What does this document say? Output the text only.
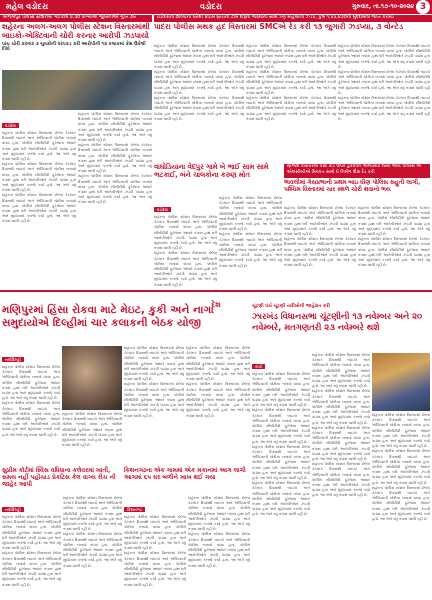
મહેલ વડોદરા	વડોદરા	ગુરુવાર, તા.૧૭-૧૦-૨૦૨૪ 3
માંજલપુર પોલીસ સ્ટેશનમાં ગઈકાલે ૪.૩૦ વાગ્યાથી જુબાનીઓ ગુપ્ત ઢબે	વડોદરાના શિલ્પાના ઘરેથી ક્રાઇમ બ્રાંચની ટીમે દારૂના જથ્થાના સાથે ત્રણ મહિલાની ઝડપ, કુલ ૧,૫૫,૪૭૦નો મુદ્દામાલ જપ્ત કરાયો
શહેરના અલગ-અલગ પોલીસ સ્ટેશન વિસ્તારમાંથી બાઇકો-એક્ટિવાની ચોરી કરનાર આરોપી ઝડપાયો
પાંચ ચોરી કરનાર ૩ યુવકોની ધરપકડ કરી આરોપીની ૧૩ કલાકમાં કેસ ઉકેલી દીધો
વડોદરા
શહેરના પોલીસ સ્ટેશન વિસ્તારમાં છેલ્લા કેટલાક દિવસથી બાઇકો અને એક્ટિવાની ચોરીના બનાવો વધ્યા હતા. પોલીસે સીસીટીવી ફૂટેજના આધારે તપાસ હાથ ધરી આરોપીઓને ઝડપી પાડ્યા હતા અને મુદ્દામાલ કબજે કર્યો હતો. આ અંગે વધુ તપાસ ચાલી રહી છે.
શહેરના પોલીસ સ્ટેશન વિસ્તારમાં છેલ્લા કેટલાક દિવસથી બાઇકો અને એક્ટિવાની ચોરીના બનાવો વધ્યા હતા. પોલીસે સીસીટીવી ફૂટેજના આધારે તપાસ હાથ ધરી આરોપીઓને ઝડપી પાડ્યા હતા અને મુદ્દામાલ કબજે કર્યો હતો. આ અંગે વધુ તપાસ ચાલી રહી છે.
શહેરના પોલીસ સ્ટેશન વિસ્તારમાં છેલ્લા કેટલાક દિવસથી બાઇકો અને એક્ટિવાની ચોરીના બનાવો વધ્યા હતા. પોલીસે સીસીટીવી ફૂટેજના આધારે તપાસ હાથ ધરી આરોપીઓને ઝડપી પાડ્યા હતા અને મુદ્દામાલ કબજે કર્યો હતો. આ અંગે વધુ તપાસ ચાલી રહી છે.
શહેરના પોલીસ સ્ટેશન વિસ્તારમાં છેલ્લા કેટલાક દિવસથી બાઇકો અને એક્ટિવાની ચોરીના બનાવો વધ્યા હતા. પોલીસે સીસીટીવી ફૂટેજના આધારે તપાસ હાથ ધરી આરોપીઓને ઝડપી પાડ્યા હતા અને મુદ્દામાલ કબજે કર્યો હતો. આ અંગે વધુ તપાસ ચાલી રહી છે.
શહેરના પોલીસ સ્ટેશન વિસ્તારમાં છેલ્લા કેટલાક દિવસથી બાઇકો અને એક્ટિવાની ચોરીના બનાવો વધ્યા હતા. પોલીસે સીસીટીવી ફૂટેજના આધારે તપાસ હાથ ધરી આરોપીઓને ઝડપી પાડ્યા હતા અને મુદ્દામાલ કબજે કર્યો હતો. આ અંગે વધુ તપાસ ચાલી રહી છે.
શહેરના પોલીસ સ્ટેશન વિસ્તારમાં છેલ્લા કેટલાક દિવસથી બાઇકો અને એક્ટિવાની ચોરીના બનાવો વધ્યા હતા. પોલીસે સીસીટીવી ફૂટેજના આધારે તપાસ હાથ ધરી આરોપીઓને ઝડપી પાડ્યા હતા અને મુદ્દામાલ કબજે કર્યો હતો. આ અંગે વધુ તપાસ ચાલી રહી છે.
પાદરા પોલીસ મથક હદ વિસ્તારમાં SMCએ રેડ કરી ૧૩ જુગારી ઝડપ્યા, ૩ વોન્ટેડ
શહેરના પોલીસ સ્ટેશન વિસ્તારમાં છેલ્લા કેટલાક દિવસથી બાઇકો અને એક્ટિવાની ચોરીના બનાવો વધ્યા હતા. પોલીસે સીસીટીવી ફૂટેજના આધારે તપાસ હાથ ધરી આરોપીઓને ઝડપી પાડ્યા હતા અને મુદ્દામાલ કબજે કર્યો હતો. આ અંગે વધુ તપાસ ચાલી રહી છે.
શહેરના પોલીસ સ્ટેશન વિસ્તારમાં છેલ્લા કેટલાક દિવસથી બાઇકો અને એક્ટિવાની ચોરીના બનાવો વધ્યા હતા. પોલીસે સીસીટીવી ફૂટેજના આધારે તપાસ હાથ ધરી આરોપીઓને ઝડપી પાડ્યા હતા અને મુદ્દામાલ કબજે કર્યો હતો. આ અંગે વધુ તપાસ ચાલી રહી છે.
શહેરના પોલીસ સ્ટેશન વિસ્તારમાં છેલ્લા કેટલાક દિવસથી બાઇકો અને એક્ટિવાની ચોરીના બનાવો વધ્યા હતા. પોલીસે સીસીટીવી ફૂટેજના આધારે તપાસ હાથ ધરી આરોપીઓને ઝડપી પાડ્યા હતા અને મુદ્દામાલ કબજે કર્યો હતો. આ અંગે વધુ તપાસ ચાલી રહી છે.
શહેરના પોલીસ સ્ટેશન વિસ્તારમાં છેલ્લા કેટલાક દિવસથી બાઇકો અને એક્ટિવાની ચોરીના બનાવો વધ્યા હતા. પોલીસે સીસીટીવી ફૂટેજના આધારે તપાસ હાથ ધરી આરોપીઓને ઝડપી પાડ્યા હતા અને મુદ્દામાલ કબજે કર્યો હતો. આ અંગે વધુ તપાસ ચાલી રહી છે.
શહેરના પોલીસ સ્ટેશન વિસ્તારમાં છેલ્લા કેટલાક દિવસથી બાઇકો અને એક્ટિવાની ચોરીના બનાવો વધ્યા હતા. પોલીસે સીસીટીવી ફૂટેજના આધારે તપાસ હાથ ધરી આરોપીઓને ઝડપી પાડ્યા હતા અને મુદ્દામાલ કબજે કર્યો હતો. આ અંગે વધુ તપાસ ચાલી રહી છે.
શહેરના પોલીસ સ્ટેશન વિસ્તારમાં છેલ્લા કેટલાક દિવસથી બાઇકો અને એક્ટિવાની ચોરીના બનાવો વધ્યા હતા. પોલીસે સીસીટીવી ફૂટેજના આધારે તપાસ હાથ ધરી આરોપીઓને ઝડપી પાડ્યા હતા અને મુદ્દામાલ કબજે કર્યો હતો. આ અંગે વધુ તપાસ ચાલી રહી છે.
શહેરના પોલીસ સ્ટેશન વિસ્તારમાં છેલ્લા કેટલાક દિવસથી બાઇકો અને એક્ટિવાની ચોરીના બનાવો વધ્યા હતા. પોલીસે સીસીટીવી ફૂટેજના આધારે તપાસ હાથ ધરી આરોપીઓને ઝડપી પાડ્યા હતા અને મુદ્દામાલ કબજે કર્યો હતો. આ અંગે વધુ તપાસ ચાલી રહી છે.
શહેરના પોલીસ સ્ટેશન વિસ્તારમાં છેલ્લા કેટલાક દિવસથી બાઇકો અને એક્ટિવાની ચોરીના બનાવો વધ્યા હતા. પોલીસે સીસીટીવી ફૂટેજના આધારે તપાસ હાથ ધરી આરોપીઓને ઝડપી પાડ્યા હતા અને મુદ્દામાલ કબજે કર્યો હતો. આ અંગે વધુ તપાસ ચાલી રહી છે.
શહેરના પોલીસ સ્ટેશન વિસ્તારમાં છેલ્લા કેટલાક દિવસથી બાઇકો અને એક્ટિવાની ચોરીના બનાવો વધ્યા હતા. પોલીસે સીસીટીવી ફૂટેજના આધારે તપાસ હાથ ધરી આરોપીઓને ઝડપી પાડ્યા હતા અને મુદ્દામાલ કબજે કર્યો હતો. આ અંગે વધુ તપાસ ચાલી રહી છે.
વાઘોડિયાના વેદપુર ગામે બે ભાઈ સામ સામે ભટકાઈ, બંને ચાલકોના કરુણ મોત
વડોદરા
શહેરના પોલીસ સ્ટેશન વિસ્તારમાં છેલ્લા કેટલાક દિવસથી બાઇકો અને એક્ટિવાની ચોરીના બનાવો વધ્યા હતા. પોલીસે સીસીટીવી ફૂટેજના આધારે તપાસ હાથ ધરી આરોપીઓને ઝડપી પાડ્યા હતા અને મુદ્દામાલ કબજે કર્યો હતો. આ અંગે વધુ તપાસ ચાલી રહી છે.
શહેરના પોલીસ સ્ટેશન વિસ્તારમાં છેલ્લા કેટલાક દિવસથી બાઇકો અને એક્ટિવાની ચોરીના બનાવો વધ્યા હતા. પોલીસે સીસીટીવી ફૂટેજના આધારે તપાસ હાથ ધરી આરોપીઓને ઝડપી પાડ્યા હતા અને મુદ્દામાલ કબજે કર્યો હતો. આ અંગે વધુ તપાસ ચાલી રહી છે.
શહેરના પોલીસ સ્ટેશન વિસ્તારમાં છેલ્લા કેટલાક દિવસથી બાઇકો અને એક્ટિવાની ચોરીના બનાવો વધ્યા હતા. પોલીસે સીસીટીવી ફૂટેજના આધારે તપાસ હાથ ધરી આરોપીઓને ઝડપી પાડ્યા હતા અને મુદ્દામાલ કબજે કર્યો હતો. આ અંગે વધુ તપાસ ચાલી રહી છે.
શહેરના પોલીસ સ્ટેશન વિસ્તારમાં છેલ્લા કેટલાક દિવસથી બાઇકો અને એક્ટિવાની ચોરીના બનાવો વધ્યા હતા. પોલીસે સીસીટીવી ફૂટેજના આધારે તપાસ હાથ ધરી આરોપીઓને ઝડપી પાડ્યા હતા અને મુદ્દામાલ કબજે કર્યો હતો. આ અંગે વધુ તપાસ ચાલી રહી છે.
બ્રિજેશ વિસ્તારમાં વેસ્ટ રોડ ઉપર હર્ષવર્ધન એમ્પાયર જ્યાં આવે પોલીસ એ એલસીબીએ મિલ્કત સાથે 6 નિર્મળ શૈક્ષ રેડ કરી
ભાવલીમાં ગેસપ્રભાની પ્રથમ બાઇ ધીણ પોલિસ સહુતી લાગી, પશ્ચિમ વિસ્તારમાં ચાર સ્થળે ચોરી થવાનો ભય
શહેરના પોલીસ સ્ટેશન વિસ્તારમાં છેલ્લા કેટલાક દિવસથી બાઇકો અને એક્ટિવાની ચોરીના બનાવો વધ્યા હતા. પોલીસે સીસીટીવી ફૂટેજના આધારે તપાસ હાથ ધરી આરોપીઓને ઝડપી પાડ્યા હતા અને મુદ્દામાલ કબજે કર્યો હતો. આ અંગે વધુ તપાસ ચાલી રહી છે.
શહેરના પોલીસ સ્ટેશન વિસ્તારમાં છેલ્લા કેટલાક દિવસથી બાઇકો અને એક્ટિવાની ચોરીના બનાવો વધ્યા હતા. પોલીસે સીસીટીવી ફૂટેજના આધારે તપાસ હાથ ધરી આરોપીઓને ઝડપી પાડ્યા હતા અને મુદ્દામાલ કબજે કર્યો હતો. આ અંગે વધુ તપાસ ચાલી રહી છે.
શહેરના પોલીસ સ્ટેશન વિસ્તારમાં છેલ્લા કેટલાક દિવસથી બાઇકો અને એક્ટિવાની ચોરીના બનાવો વધ્યા હતા. પોલીસે સીસીટીવી ફૂટેજના આધારે તપાસ હાથ ધરી આરોપીઓને ઝડપી પાડ્યા હતા અને મુદ્દામાલ કબજે કર્યો હતો. આ અંગે વધુ તપાસ ચાલી રહી છે.
શહેરના પોલીસ સ્ટેશન વિસ્તારમાં છેલ્લા કેટલાક દિવસથી બાઇકો અને એક્ટિવાની ચોરીના બનાવો વધ્યા હતા. પોલીસે સીસીટીવી ફૂટેજના આધારે તપાસ હાથ ધરી આરોપીઓને ઝડપી પાડ્યા હતા અને મુદ્દામાલ કબજે કર્યો હતો. આ અંગે વધુ તપાસ ચાલી રહી છે.
દેશ
મણિપુરમાં હિંસા રોકવા માટે મેઇટ, કુકી અને નાગા સમુદાયોએ દિલ્હીમાં ચાર કલાકની બેઠક યોજી
નવીદિલ્હી
શહેરના પોલીસ સ્ટેશન વિસ્તારમાં છેલ્લા કેટલાક દિવસથી બાઇકો અને એક્ટિવાની ચોરીના બનાવો વધ્યા હતા. પોલીસે સીસીટીવી ફૂટેજના આધારે તપાસ હાથ ધરી આરોપીઓને ઝડપી પાડ્યા હતા અને મુદ્દામાલ કબજે કર્યો હતો. આ અંગે વધુ તપાસ ચાલી રહી છે.
શહેરના પોલીસ સ્ટેશન વિસ્તારમાં છેલ્લા કેટલાક દિવસથી બાઇકો અને એક્ટિવાની ચોરીના બનાવો વધ્યા હતા. પોલીસે સીસીટીવી ફૂટેજના આધારે તપાસ હાથ ધરી આરોપીઓને ઝડપી પાડ્યા હતા અને મુદ્દામાલ કબજે કર્યો હતો. આ અંગે વધુ તપાસ ચાલી રહી છે.
શહેરના પોલીસ સ્ટેશન વિસ્તારમાં છેલ્લા કેટલાક દિવસથી બાઇકો અને એક્ટિવાની ચોરીના બનાવો વધ્યા હતા. પોલીસે સીસીટીવી ફૂટેજના આધારે તપાસ હાથ ધરી આરોપીઓને ઝડપી પાડ્યા હતા અને મુદ્દામાલ કબજે કર્યો હતો. આ અંગે વધુ તપાસ ચાલી રહી છે.
શહેરના પોલીસ સ્ટેશન વિસ્તારમાં છેલ્લા કેટલાક દિવસથી બાઇકો અને એક્ટિવાની ચોરીના બનાવો વધ્યા હતા. પોલીસે સીસીટીવી ફૂટેજના આધારે તપાસ હાથ ધરી આરોપીઓને ઝડપી પાડ્યા હતા અને મુદ્દામાલ કબજે કર્યો હતો. આ અંગે વધુ તપાસ ચાલી રહી છે.
શહેરના પોલીસ સ્ટેશન વિસ્તારમાં છેલ્લા કેટલાક દિવસથી બાઇકો અને એક્ટિવાની ચોરીના બનાવો વધ્યા હતા. પોલીસે સીસીટીવી ફૂટેજના આધારે તપાસ હાથ ધરી આરોપીઓને ઝડપી પાડ્યા હતા અને મુદ્દામાલ કબજે કર્યો હતો. આ અંગે વધુ તપાસ ચાલી રહી છે.
શહેરના પોલીસ સ્ટેશન વિસ્તારમાં છેલ્લા કેટલાક દિવસથી બાઇકો અને એક્ટિવાની ચોરીના બનાવો વધ્યા હતા. પોલીસે સીસીટીવી ફૂટેજના આધારે તપાસ હાથ ધરી આરોપીઓને ઝડપી પાડ્યા હતા અને મુદ્દામાલ કબજે કર્યો હતો. આ અંગે વધુ તપાસ ચાલી રહી છે.
શહેરના પોલીસ સ્ટેશન વિસ્તારમાં છેલ્લા કેટલાક દિવસથી બાઇકો અને એક્ટિવાની ચોરીના બનાવો વધ્યા હતા. પોલીસે સીસીટીવી ફૂટેજના આધારે તપાસ હાથ ધરી આરોપીઓને ઝડપી પાડ્યા હતા અને મુદ્દામાલ કબજે કર્યો હતો. આ અંગે વધુ તપાસ ચાલી રહી છે.
ચૂંટણી પંચે ચૂંટણી તારીખોની જાહેરાત કરી
ઝારખંડ વિધાનસભા ચૂંટણીની ૧૩ નવેમ્બર અને ૨૦ નવેમ્બરે, મતગણતરી ૨૩ નવેમ્બરે થશે
રાંચી
શહેરના પોલીસ સ્ટેશન વિસ્તારમાં છેલ્લા કેટલાક દિવસથી બાઇકો અને એક્ટિવાની ચોરીના બનાવો વધ્યા હતા. પોલીસે સીસીટીવી ફૂટેજના આધારે તપાસ હાથ ધરી આરોપીઓને ઝડપી પાડ્યા હતા અને મુદ્દામાલ કબજે કર્યો હતો. આ અંગે વધુ તપાસ ચાલી રહી છે.
શહેરના પોલીસ સ્ટેશન વિસ્તારમાં છેલ્લા કેટલાક દિવસથી બાઇકો અને એક્ટિવાની ચોરીના બનાવો વધ્યા હતા. પોલીસે સીસીટીવી ફૂટેજના આધારે તપાસ હાથ ધરી આરોપીઓને ઝડપી પાડ્યા હતા અને મુદ્દામાલ કબજે કર્યો હતો. આ અંગે વધુ તપાસ ચાલી રહી છે.
શહેરના પોલીસ સ્ટેશન વિસ્તારમાં છેલ્લા કેટલાક દિવસથી બાઇકો અને એક્ટિવાની ચોરીના બનાવો વધ્યા હતા. પોલીસે સીસીટીવી ફૂટેજના આધારે તપાસ હાથ ધરી આરોપીઓને ઝડપી પાડ્યા હતા અને મુદ્દામાલ કબજે કર્યો હતો. આ અંગે વધુ તપાસ ચાલી રહી છે.
શહેરના પોલીસ સ્ટેશન વિસ્તારમાં છેલ્લા કેટલાક દિવસથી બાઇકો અને એક્ટિવાની ચોરીના બનાવો વધ્યા હતા. પોલીસે સીસીટીવી ફૂટેજના આધારે તપાસ હાથ ધરી આરોપીઓને ઝડપી પાડ્યા હતા અને મુદ્દામાલ કબજે કર્યો હતો. આ અંગે વધુ તપાસ ચાલી રહી છે.
શહેરના પોલીસ સ્ટેશન વિસ્તારમાં છેલ્લા કેટલાક દિવસથી બાઇકો અને એક્ટિવાની ચોરીના બનાવો વધ્યા હતા. પોલીસે સીસીટીવી ફૂટેજના આધારે તપાસ હાથ ધરી આરોપીઓને ઝડપી પાડ્યા હતા અને મુદ્દામાલ કબજે કર્યો હતો. આ અંગે વધુ તપાસ ચાલી રહી છે.
શહેરના પોલીસ સ્ટેશન વિસ્તારમાં છેલ્લા કેટલાક દિવસથી બાઇકો અને એક્ટિવાની ચોરીના બનાવો વધ્યા હતા. પોલીસે સીસીટીવી ફૂટેજના આધારે તપાસ હાથ ધરી આરોપીઓને ઝડપી પાડ્યા હતા અને મુદ્દામાલ કબજે કર્યો હતો. આ અંગે વધુ તપાસ ચાલી રહી છે.
શહેરના પોલીસ સ્ટેશન વિસ્તારમાં છેલ્લા કેટલાક દિવસથી બાઇકો અને એક્ટિવાની ચોરીના બનાવો વધ્યા હતા. પોલીસે સીસીટીવી ફૂટેજના આધારે તપાસ હાથ ધરી આરોપીઓને ઝડપી પાડ્યા હતા અને મુદ્દામાલ કબજે કર્યો હતો. આ અંગે વધુ તપાસ ચાલી રહી છે.
શહેરના પોલીસ સ્ટેશન વિસ્તારમાં છેલ્લા કેટલાક દિવસથી બાઇકો અને એક્ટિવાની ચોરીના બનાવો વધ્યા હતા. પોલીસે સીસીટીવી ફૂટેજના આધારે તપાસ હાથ ધરી આરોપીઓને ઝડપી પાડ્યા હતા અને મુદ્દામાલ કબજે કર્યો હતો. આ અંગે વધુ તપાસ ચાલી રહી છે.
શહેરના પોલીસ સ્ટેશન વિસ્તારમાં છેલ્લા કેટલાક દિવસથી બાઇકો અને એક્ટિવાની ચોરીના બનાવો વધ્યા હતા. પોલીસે સીસીટીવી ફૂટેજના આધારે તપાસ હાથ ધરી આરોપીઓને ઝડપી પાડ્યા હતા અને મુદ્દામાલ કબજે કર્યો હતો. આ અંગે વધુ તપાસ ચાલી રહી છે.
શહેરના પોલીસ સ્ટેશન વિસ્તારમાં છેલ્લા કેટલાક દિવસથી બાઇકો અને એક્ટિવાની ચોરીના બનાવો વધ્યા હતા. પોલીસે સીસીટીવી ફૂટેજના આધારે તપાસ હાથ ધરી આરોપીઓને ઝડપી પાડ્યા હતા અને મુદ્દામાલ કબજે કર્યો હતો. આ અંગે વધુ તપાસ ચાલી રહી છે.
શહેરના પોલીસ સ્ટેશન વિસ્તારમાં છેલ્લા કેટલાક દિવસથી બાઇકો અને એક્ટિવાની ચોરીના બનાવો વધ્યા હતા. પોલીસે સીસીટીવી ફૂટેજના આધારે તપાસ હાથ ધરી આરોપીઓને ઝડપી પાડ્યા હતા અને મુદ્દામાલ કબજે કર્યો હતો. આ અંગે વધુ તપાસ ચાલી રહી છે.
સુપ્રીમ કોર્ટમાં સ્વિસ વધિધાના કલેવરમાં ખાતી, સમય નહીં પહોંચાડ પ્રેકટિસ કેલ વાગ્ય રીચ ની જાહેર આપી
નવીદિલ્હી
શહેરના પોલીસ સ્ટેશન વિસ્તારમાં છેલ્લા કેટલાક દિવસથી બાઇકો અને એક્ટિવાની ચોરીના બનાવો વધ્યા હતા. પોલીસે સીસીટીવી ફૂટેજના આધારે તપાસ હાથ ધરી આરોપીઓને ઝડપી પાડ્યા હતા અને મુદ્દામાલ કબજે કર્યો હતો. આ અંગે વધુ તપાસ ચાલી રહી છે.
શહેરના પોલીસ સ્ટેશન વિસ્તારમાં છેલ્લા કેટલાક દિવસથી બાઇકો અને એક્ટિવાની ચોરીના બનાવો વધ્યા હતા. પોલીસે સીસીટીવી ફૂટેજના આધારે તપાસ હાથ ધરી આરોપીઓને ઝડપી પાડ્યા હતા અને મુદ્દામાલ કબજે કર્યો હતો. આ અંગે વધુ તપાસ ચાલી રહી છે.
શહેરના પોલીસ સ્ટેશન વિસ્તારમાં છેલ્લા કેટલાક દિવસથી બાઇકો અને એક્ટિવાની ચોરીના બનાવો વધ્યા હતા. પોલીસે સીસીટીવી ફૂટેજના આધારે તપાસ હાથ ધરી આરોપીઓને ઝડપી પાડ્યા હતા અને મુદ્દામાલ કબજે કર્યો હતો. આ અંગે વધુ તપાસ ચાલી રહી છે.
શહેરના પોલીસ સ્ટેશન વિસ્તારમાં છેલ્લા કેટલાક દિવસથી બાઇકો અને એક્ટિવાની ચોરીના બનાવો વધ્યા હતા. પોલીસે સીસીટીવી ફૂટેજના આધારે તપાસ હાથ ધરી આરોપીઓને ઝડપી પાડ્યા હતા અને મુદ્દામાલ કબજે કર્યો હતો. આ અંગે વધુ તપાસ ચાલી રહી છે.
કિશનગઢના એક ગામમાં એક મકાનમાં આગ લાગી આગમાં ૬૫ ઘર બળીને ખાખ થઈ ગયા
કિશનગઢ
શહેરના પોલીસ સ્ટેશન વિસ્તારમાં છેલ્લા કેટલાક દિવસથી બાઇકો અને એક્ટિવાની ચોરીના બનાવો વધ્યા હતા. પોલીસે સીસીટીવી ફૂટેજના આધારે તપાસ હાથ ધરી આરોપીઓને ઝડપી પાડ્યા હતા અને મુદ્દામાલ કબજે કર્યો હતો. આ અંગે વધુ તપાસ ચાલી રહી છે.
શહેરના પોલીસ સ્ટેશન વિસ્તારમાં છેલ્લા કેટલાક દિવસથી બાઇકો અને એક્ટિવાની ચોરીના બનાવો વધ્યા હતા. પોલીસે સીસીટીવી ફૂટેજના આધારે તપાસ હાથ ધરી આરોપીઓને ઝડપી પાડ્યા હતા અને મુદ્દામાલ કબજે કર્યો હતો. આ અંગે વધુ તપાસ ચાલી રહી છે.
શહેરના પોલીસ સ્ટેશન વિસ્તારમાં છેલ્લા કેટલાક દિવસથી બાઇકો અને એક્ટિવાની ચોરીના બનાવો વધ્યા હતા. પોલીસે સીસીટીવી ફૂટેજના આધારે તપાસ હાથ ધરી આરોપીઓને ઝડપી પાડ્યા હતા અને મુદ્દામાલ કબજે કર્યો હતો. આ અંગે વધુ તપાસ ચાલી રહી છે.
શહેરના પોલીસ સ્ટેશન વિસ્તારમાં છેલ્લા કેટલાક દિવસથી બાઇકો અને એક્ટિવાની ચોરીના બનાવો વધ્યા હતા. પોલીસે સીસીટીવી ફૂટેજના આધારે તપાસ હાથ ધરી આરોપીઓને ઝડપી પાડ્યા હતા અને મુદ્દામાલ કબજે કર્યો હતો. આ અંગે વધુ તપાસ ચાલી રહી છે.
